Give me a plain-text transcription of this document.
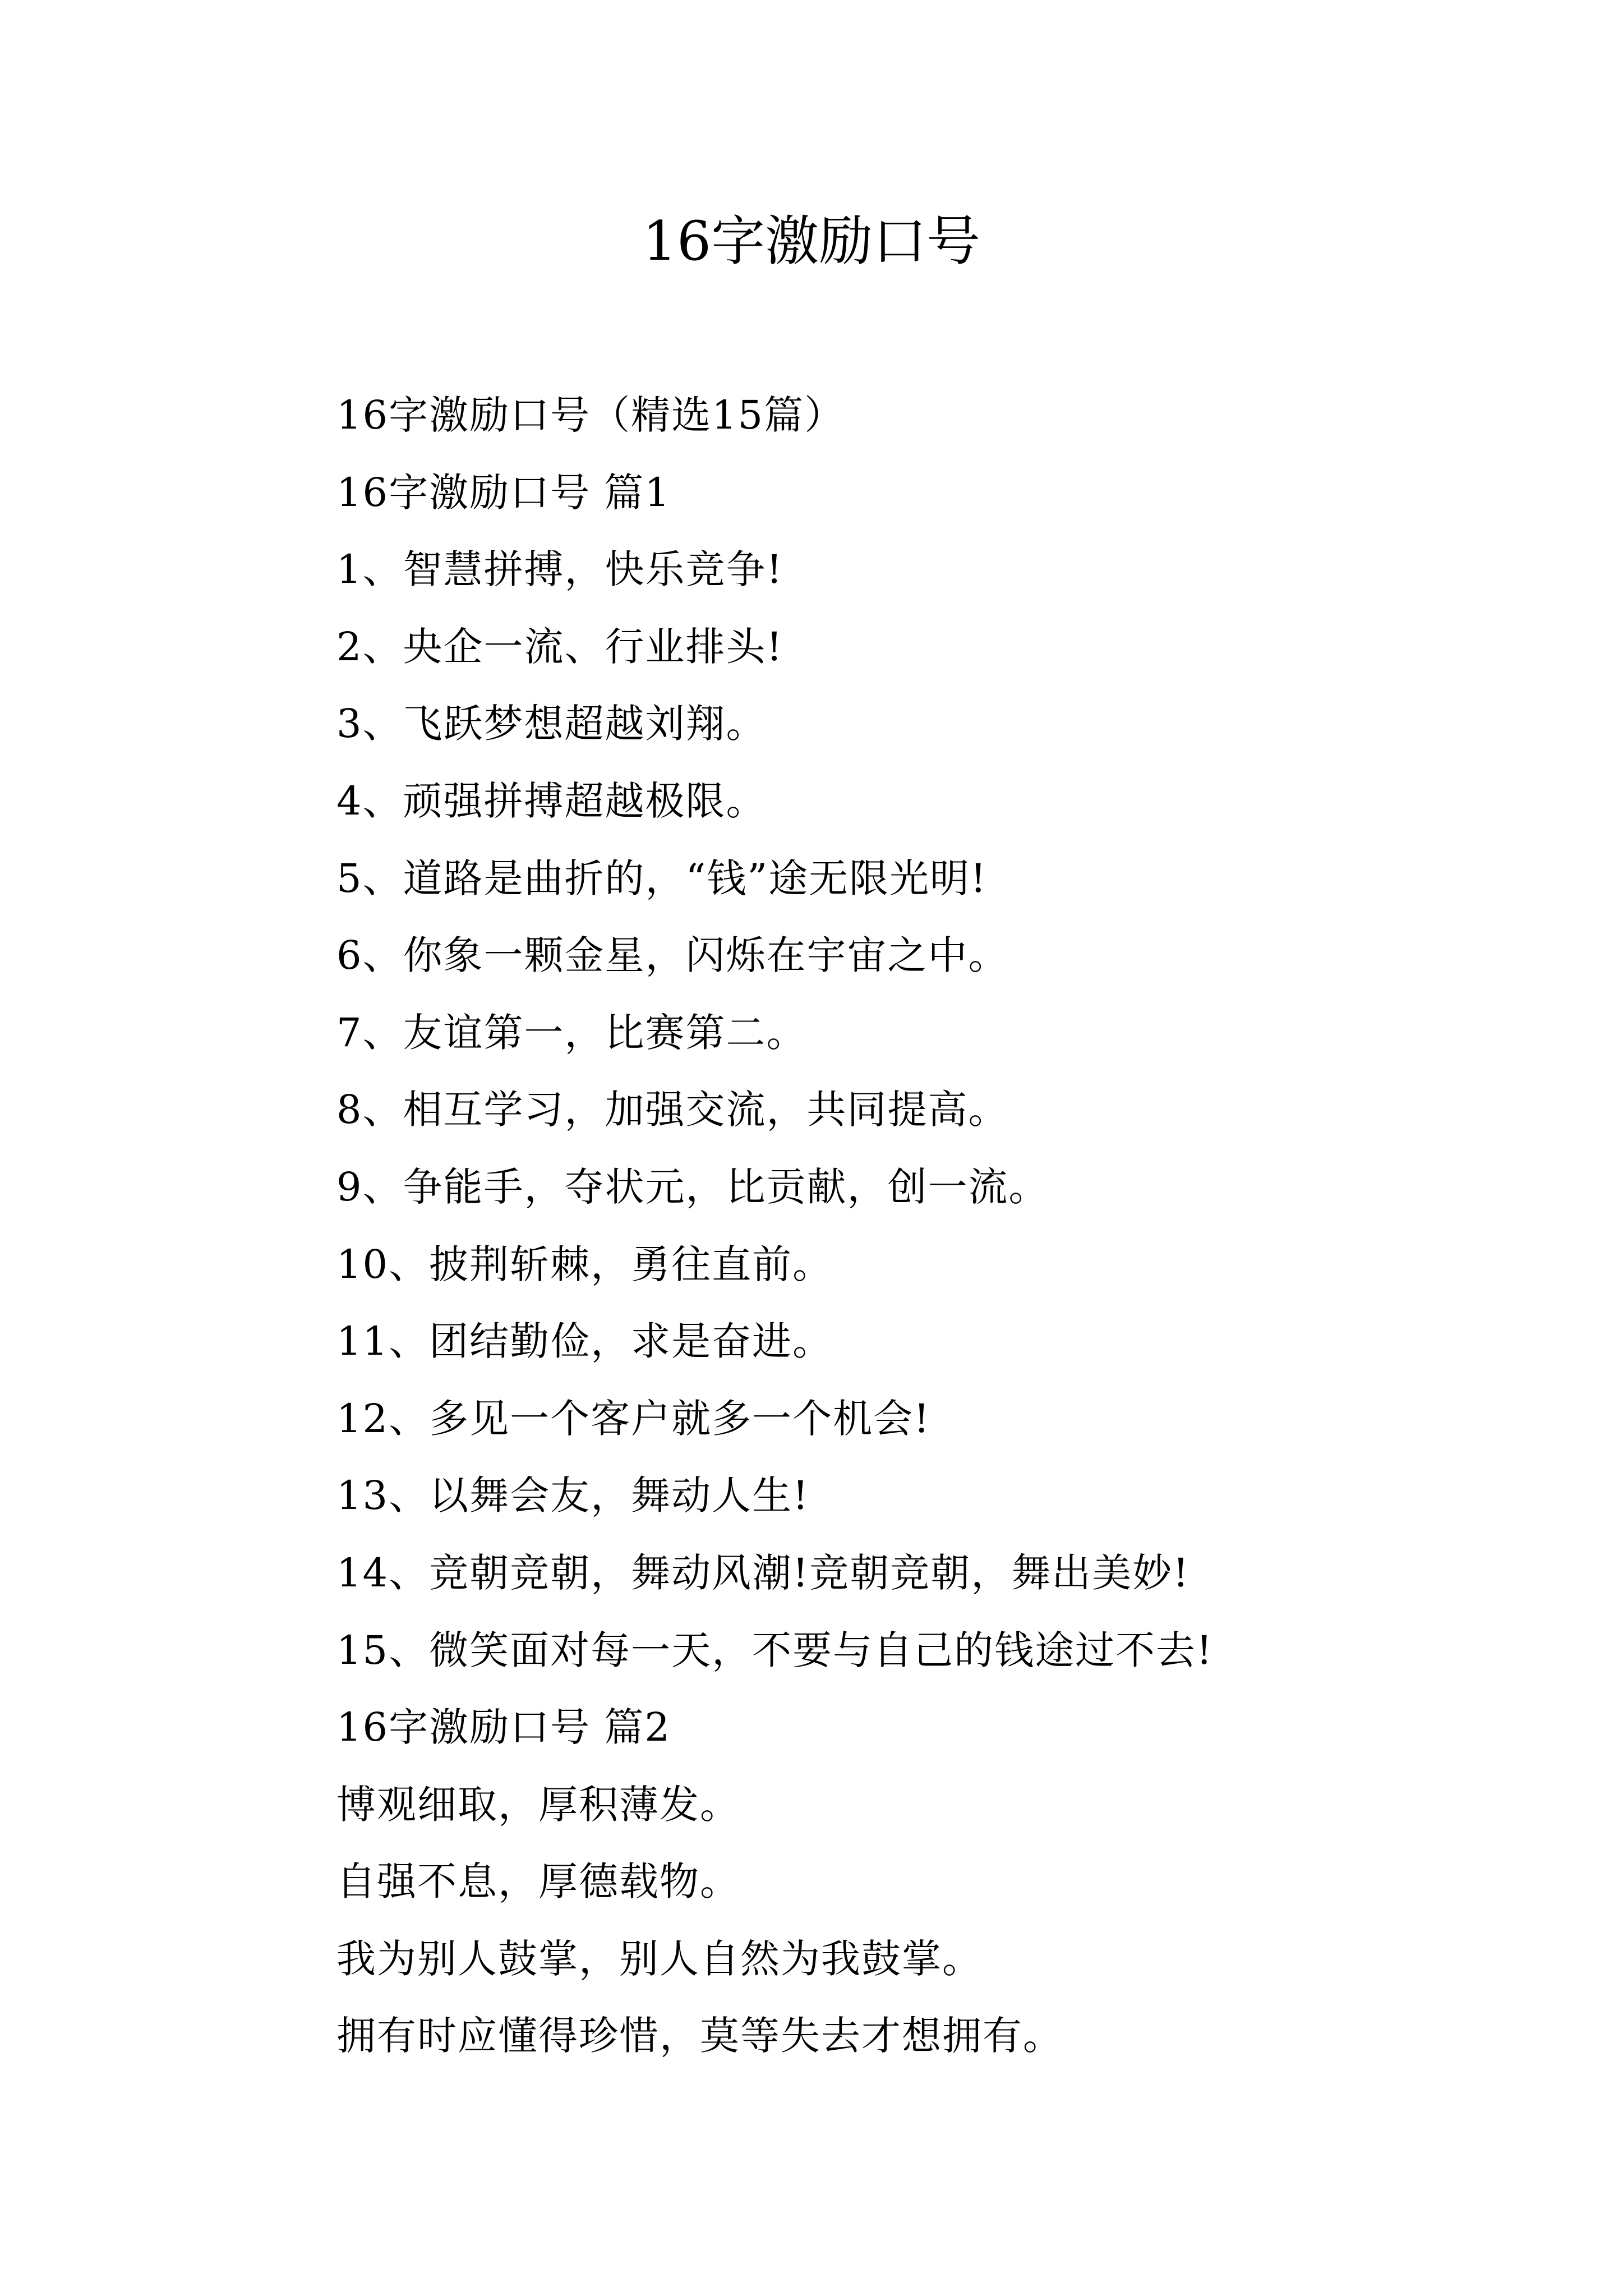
16字激励口号
16字激励口号（精选15篇）
16字激励口号 篇1
1、智慧拼搏，快乐竞争!
2、央企一流、行业排头!
3、飞跃梦想超越刘翔。
4、顽强拼搏超越极限。
5、道路是曲折的，“钱”途无限光明!
6、你象一颗金星，闪烁在宇宙之中。
7、友谊第一，比赛第二。
8、相互学习，加强交流，共同提高。
9、争能手，夺状元，比贡献，创一流。
10、披荆斩棘，勇往直前。
11、团结勤俭，求是奋进。
12、多见一个客户就多一个机会!
13、以舞会友，舞动人生!
14、竞朝竞朝，舞动风潮!竞朝竞朝，舞出美妙!
15、微笑面对每一天，不要与自己的钱途过不去!
16字激励口号 篇2
博观细取，厚积薄发。
自强不息，厚德载物。
我为别人鼓掌，别人自然为我鼓掌。
拥有时应懂得珍惜，莫等失去才想拥有。
